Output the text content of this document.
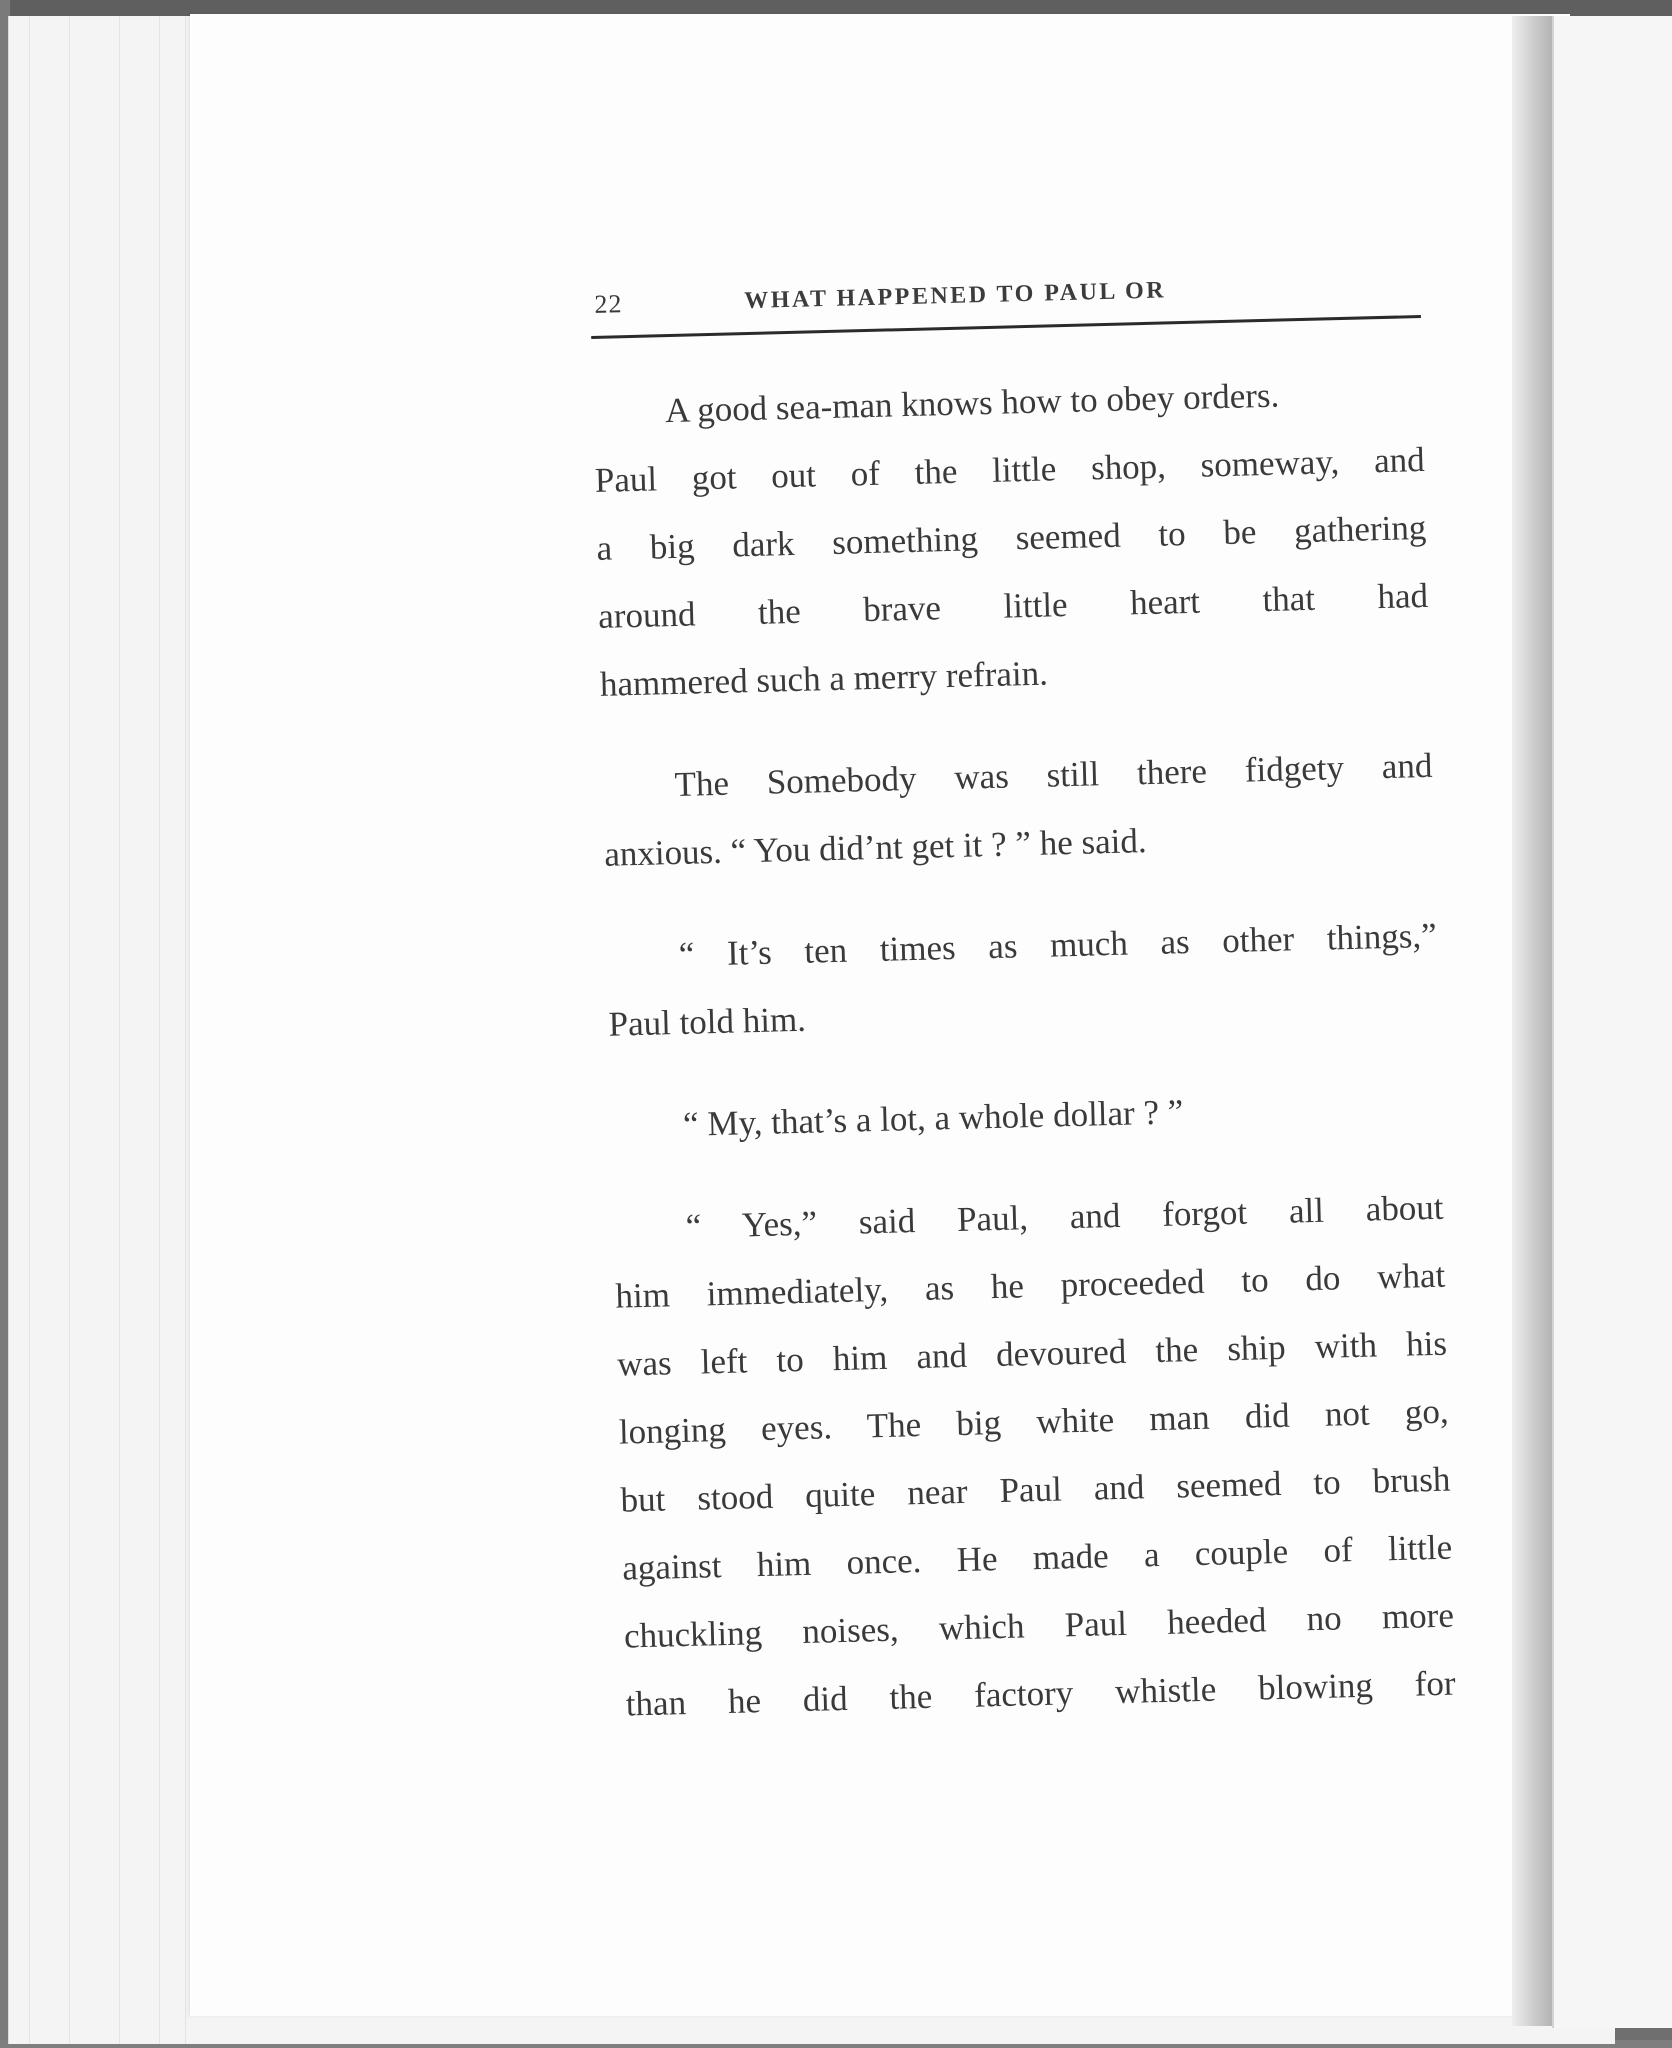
22	WHAT HAPPENED TO PAUL OR

A good sea-man knows how to obey orders.
Paul got out of the little shop, someway, and
a big dark something seemed to be gathering
around the brave little heart that had
hammered such a merry refrain.

The Somebody was still there fidgety and
anxious. “ You did’nt get it ? ” he said.

“ It’s ten times as much as other things,”
Paul told him.

“ My, that’s a lot, a whole dollar ? ”

“ Yes,” said Paul, and forgot all about
him immediately, as he proceeded to do what
was left to him and devoured the ship with his
longing eyes. The big white man did not go,
but stood quite near Paul and seemed to brush
against him once. He made a couple of little
chuckling noises, which Paul heeded no more
than he did the factory whistle blowing for
